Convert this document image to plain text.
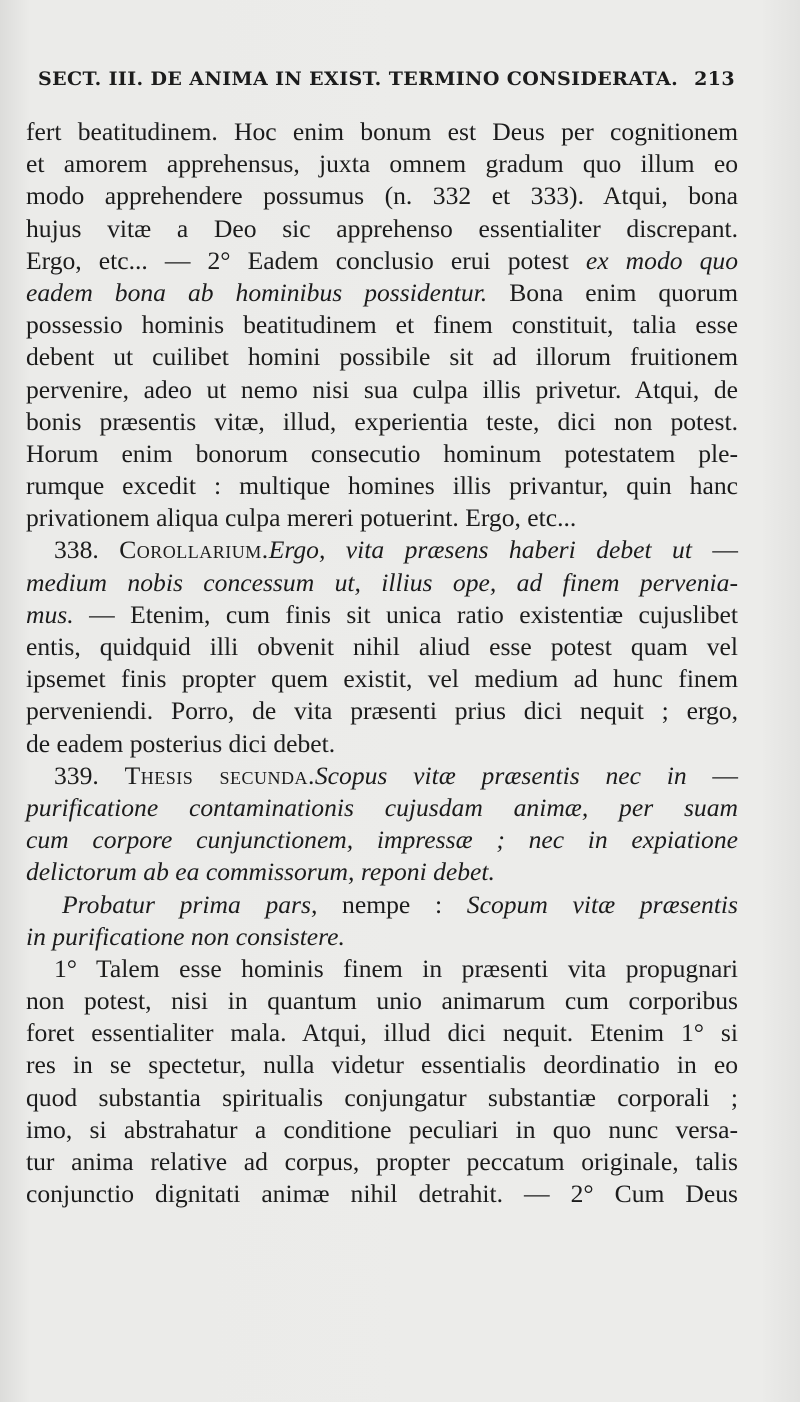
SECT. III. DE ANIMA IN EXIST. TERMINO CONSIDERATA. 213
fert beatitudinem. Hoc enim bonum est Deus per cognitionem
et amorem apprehensus, juxta omnem gradum quo illum eo
modo apprehendere possumus (n. 332 et 333). Atqui, bona
hujus vitæ a Deo sic apprehenso essentialiter discrepant.
Ergo, etc... — 2° Eadem conclusio erui potest ex modo quo
eadem bona ab hominibus possidentur. Bona enim quorum
possessio hominis beatitudinem et finem constituit, talia esse
debent ut cuilibet homini possibile sit ad illorum fruitionem
pervenire, adeo ut nemo nisi sua culpa illis privetur. Atqui, de
bonis præsentis vitæ, illud, experientia teste, dici non potest.
Horum enim bonorum consecutio hominum potestatem ple-
rumque excedit : multique homines illis privantur, quin hanc
privationem aliqua culpa mereri potuerint. Ergo, etc...
338. Corollarium.Ergo, vita præsens haberi debet ut —
medium nobis concessum ut, illius ope, ad finem pervenia-
mus. — Etenim, cum finis sit unica ratio existentiæ cujuslibet
entis, quidquid illi obvenit nihil aliud esse potest quam vel
ipsemet finis propter quem existit, vel medium ad hunc finem
perveniendi. Porro, de vita præsenti prius dici nequit ; ergo,
de eadem posterius dici debet.
339. Thesis secunda.Scopus vitæ præsentis nec in —
purificatione contaminationis cujusdam animæ, per suam
cum corpore cunjunctionem, impressæ ; nec in expiatione
delictorum ab ea commissorum, reponi debet.
Probatur prima pars, nempe : Scopum vitæ præsentis
in purificatione non consistere.
1° Talem esse hominis finem in præsenti vita propugnari
non potest, nisi in quantum unio animarum cum corporibus
foret essentialiter mala. Atqui, illud dici nequit. Etenim 1° si
res in se spectetur, nulla videtur essentialis deordinatio in eo
quod substantia spiritualis conjungatur substantiæ corporali ;
imo, si abstrahatur a conditione peculiari in quo nunc versa-
tur anima relative ad corpus, propter peccatum originale, talis
conjunctio dignitati animæ nihil detrahit. — 2° Cum Deus
